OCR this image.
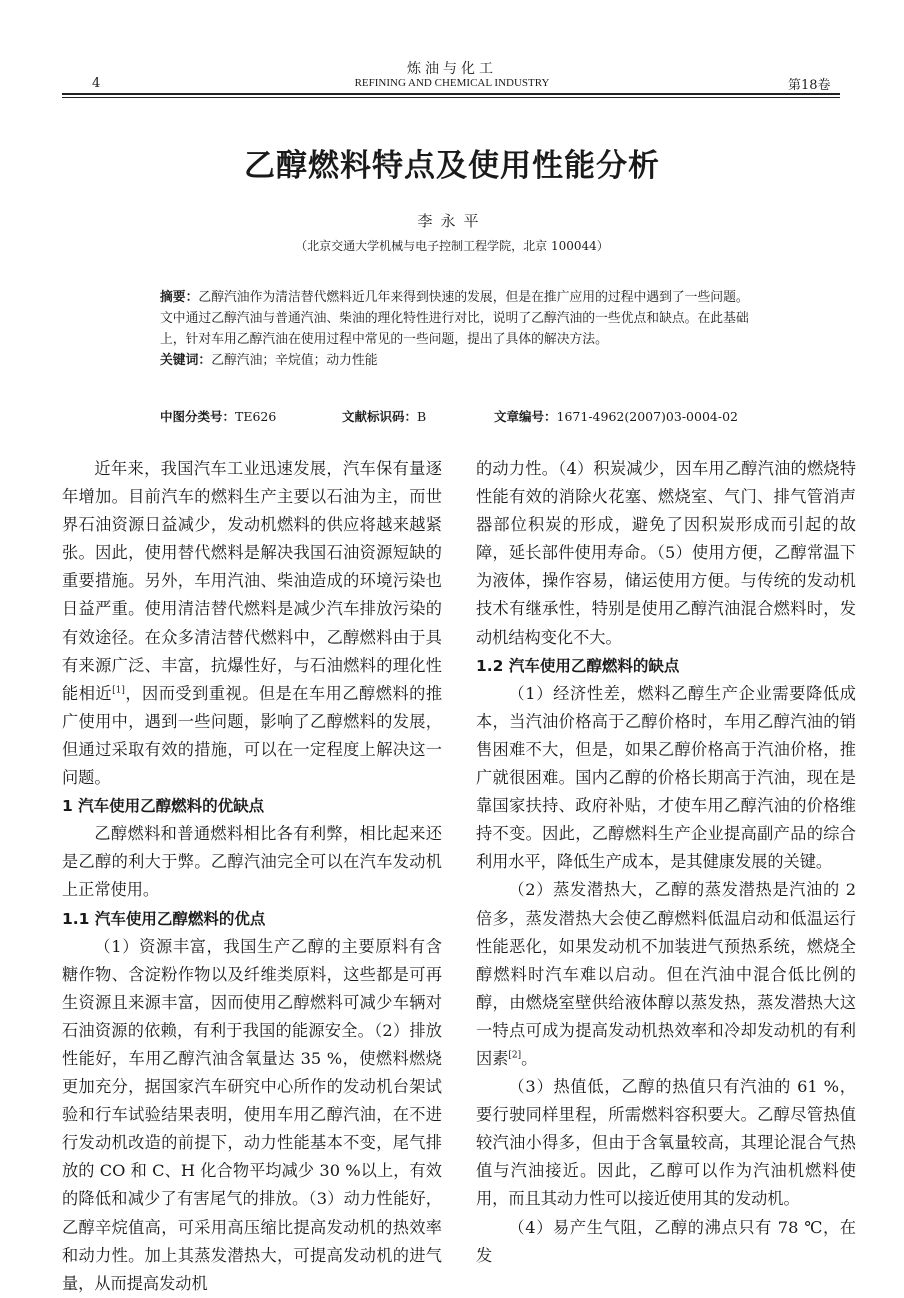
炼油与化工
REFINING AND CHEMICAL INDUSTRY
4	第18卷
乙醇燃料特点及使用性能分析
李永平
（北京交通大学机械与电子控制工程学院，北京 100044）
摘要：乙醇汽油作为清洁替代燃料近几年来得到快速的发展，但是在推广应用的过程中遇到了一些问题。文中通过乙醇汽油与普通汽油、柴油的理化特性进行对比，说明了乙醇汽油的一些优点和缺点。在此基础上，针对车用乙醇汽油在使用过程中常见的一些问题，提出了具体的解决方法。
关键词：乙醇汽油；辛烷值；动力性能
中图分类号：TE626	文献标识码：B	文章编号：1671-4962(2007)03-0004-02

近年来，我国汽车工业迅速发展，汽车保有量逐年增加。目前汽车的燃料生产主要以石油为主，而世界石油资源日益减少，发动机燃料的供应将越来越紧张。因此，使用替代燃料是解决我国石油资源短缺的重要措施。另外，车用汽油、柴油造成的环境污染也日益严重。使用清洁替代燃料是减少汽车排放污染的有效途径。在众多清洁替代燃料中，乙醇燃料由于具有来源广泛、丰富，抗爆性好，与石油燃料的理化性能相近[1]，因而受到重视。但是在车用乙醇燃料的推广使用中，遇到一些问题，影响了乙醇燃料的发展，但通过采取有效的措施，可以在一定程度上解决这一问题。

1 汽车使用乙醇燃料的优缺点

乙醇燃料和普通燃料相比各有利弊，相比起来还是乙醇的利大于弊。乙醇汽油完全可以在汽车发动机上正常使用。

1.1 汽车使用乙醇燃料的优点

（1）资源丰富，我国生产乙醇的主要原料有含糖作物、含淀粉作物以及纤维类原料，这些都是可再生资源且来源丰富，因而使用乙醇燃料可减少车辆对石油资源的依赖，有利于我国的能源安全。（2）排放性能好，车用乙醇汽油含氧量达 35 %，使燃料燃烧更加充分，据国家汽车研究中心所作的发动机台架试验和行车试验结果表明，使用车用乙醇汽油，在不进行发动机改造的前提下，动力性能基本不变，尾气排放的 CO 和 C、H 化合物平均减少 30 %以上，有效的降低和减少了有害尾气的排放。（3）动力性能好，乙醇辛烷值高，可采用高压缩比提高发动机的热效率和动力性。加上其蒸发潜热大，可提高发动机的进气量，从而提高发动机

的动力性。（4）积炭减少，因车用乙醇汽油的燃烧特性能有效的消除火花塞、燃烧室、气门、排气管消声器部位积炭的形成，避免了因积炭形成而引起的故障，延长部件使用寿命。（5）使用方便，乙醇常温下为液体，操作容易，储运使用方便。与传统的发动机技术有继承性，特别是使用乙醇汽油混合燃料时，发动机结构变化不大。

1.2 汽车使用乙醇燃料的缺点

（1）经济性差，燃料乙醇生产企业需要降低成本，当汽油价格高于乙醇价格时，车用乙醇汽油的销售困难不大，但是，如果乙醇价格高于汽油价格，推广就很困难。国内乙醇的价格长期高于汽油，现在是靠国家扶持、政府补贴，才使车用乙醇汽油的价格维持不变。因此，乙醇燃料生产企业提高副产品的综合利用水平，降低生产成本，是其健康发展的关键。

（2）蒸发潜热大，乙醇的蒸发潜热是汽油的 2 倍多，蒸发潜热大会使乙醇燃料低温启动和低温运行性能恶化，如果发动机不加装进气预热系统，燃烧全醇燃料时汽车难以启动。但在汽油中混合低比例的醇，由燃烧室壁供给液体醇以蒸发热，蒸发潜热大这一特点可成为提高发动机热效率和冷却发动机的有利因素[2]。

（3）热值低，乙醇的热值只有汽油的 61 %，要行驶同样里程，所需燃料容积要大。乙醇尽管热值较汽油小得多，但由于含氧量较高，其理论混合气热值与汽油接近。因此，乙醇可以作为汽油机燃料使用，而且其动力性可以接近使用其的发动机。

（4）易产生气阻，乙醇的沸点只有 78 ℃，在发
